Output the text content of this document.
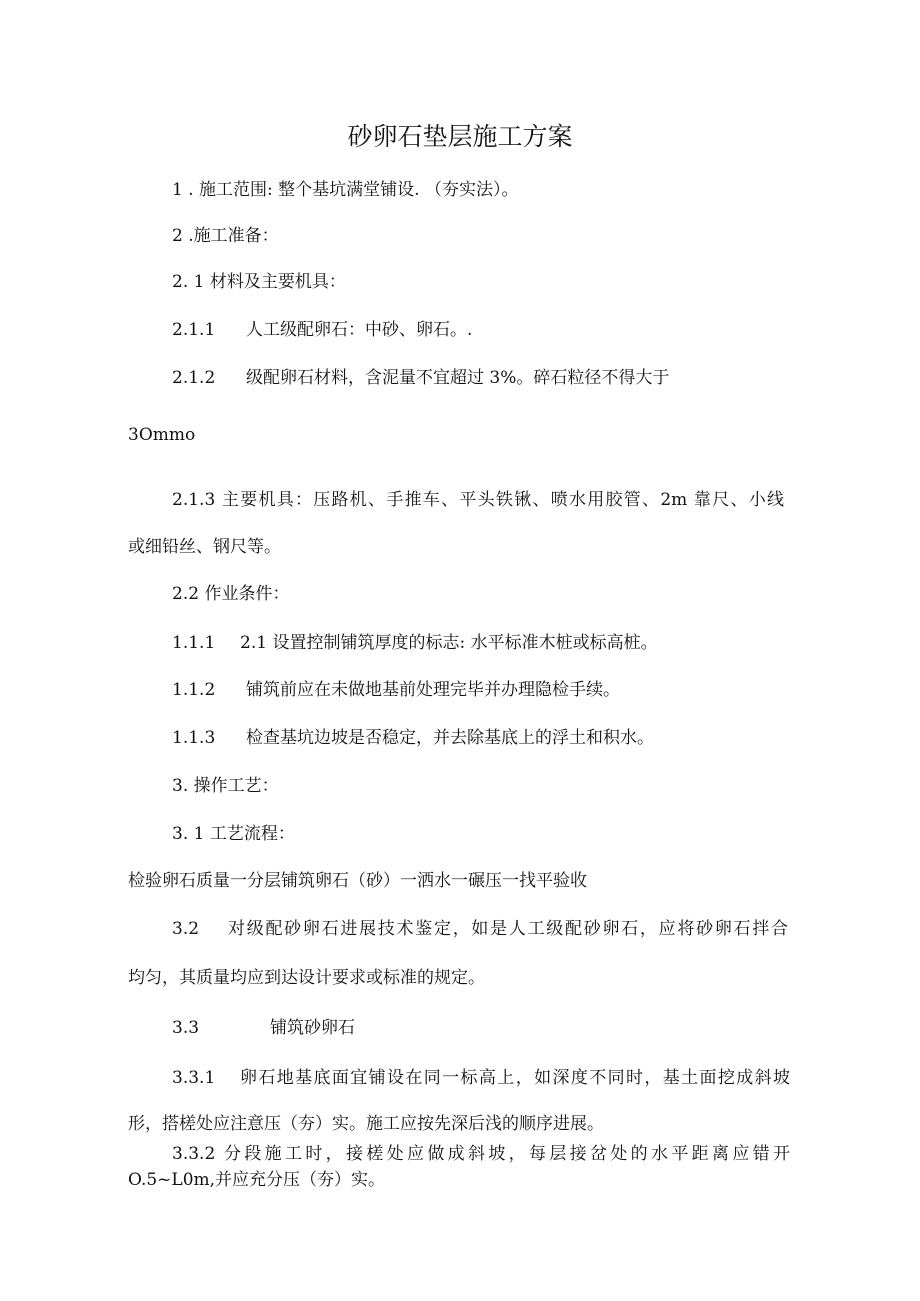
砂卵石垫层施工方案
1 . 施工范围: 整个基坑满堂铺设. （夯实法）。
2 .施工准备：
2. 1 材料及主要机具：
2.1.1 人工级配卵石：中砂、卵石。.
2.1.2 级配卵石材料，含泥量不宜超过 3%。碎石粒径不得大于
3Ommo
2.1.3 主要机具：压路机、手推车、平头铁锹、喷水用胶管、2m 靠尺、小线
或细铅丝、钢尺等。
2.2 作业条件：
1.1.1 2.1 设置控制铺筑厚度的标志: 水平标准木桩或标高桩。
1.1.2 铺筑前应在未做地基前处理完毕并办理隐检手续。
1.1.3 检查基坑边坡是否稳定，并去除基底上的浮土和积水。
3. 操作工艺：
3. 1 工艺流程：
检验卵石质量一分层铺筑卵石（砂）一洒水一碾压一找平验收
3.2 对级配砂卵石进展技术鉴定，如是人工级配砂卵石，应将砂卵石拌合
均匀，其质量均应到达设计要求或标准的规定。
3.3	铺筑砂卵石
3.3.1 卵石地基底面宜铺设在同一标高上，如深度不同时，基土面挖成斜坡
形，搭槎处应注意压（夯）实。施工应按先深后浅的顺序进展。
3.3.2 分段施工时，接槎处应做成斜坡，每层接岔处的水平距离应错开
O.5~L0m,并应充分压（夯）实。
